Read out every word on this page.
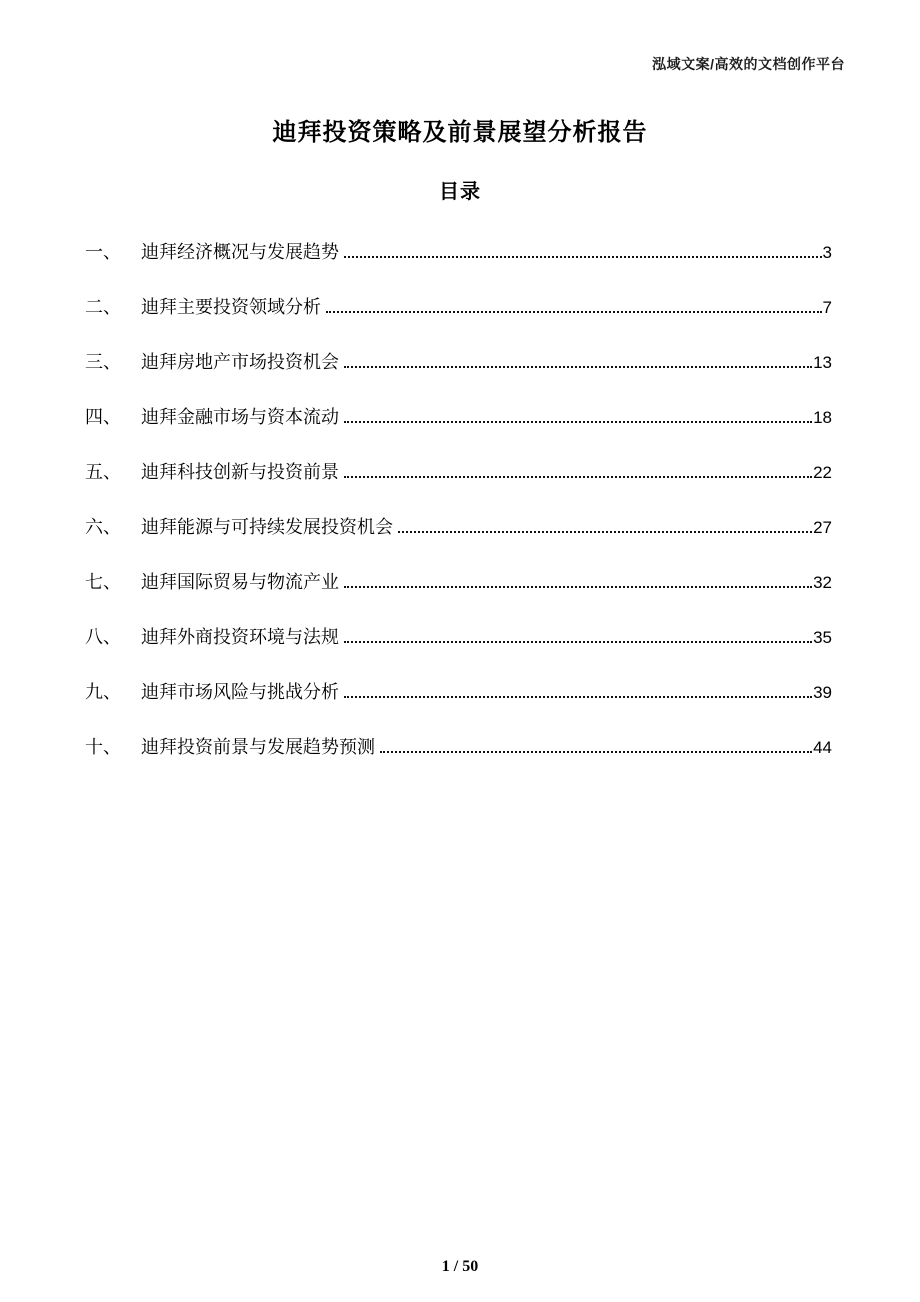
泓域文案/高效的文档创作平台
迪拜投资策略及前景展望分析报告
目录
一、	迪拜经济概况与发展趋势	3
二、	迪拜主要投资领域分析	7
三、	迪拜房地产市场投资机会	13
四、	迪拜金融市场与资本流动	18
五、	迪拜科技创新与投资前景	22
六、	迪拜能源与可持续发展投资机会	27
七、	迪拜国际贸易与物流产业	32
八、	迪拜外商投资环境与法规	35
九、	迪拜市场风险与挑战分析	39
十、	迪拜投资前景与发展趋势预测	44
1 / 50
